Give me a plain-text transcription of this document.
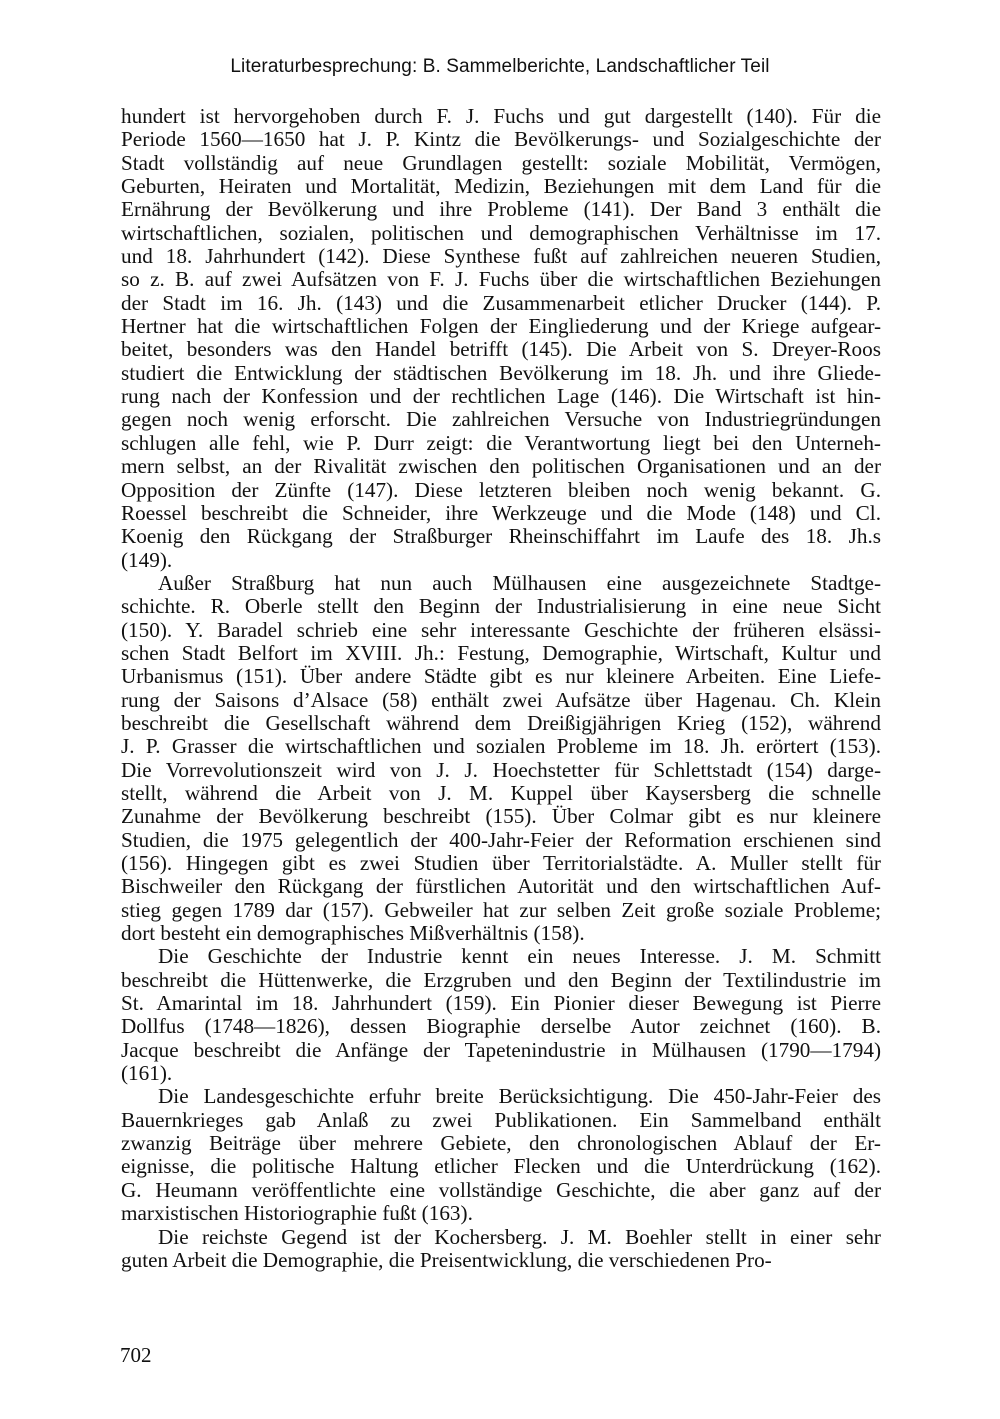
Literaturbesprechung: B. Sammelberichte, Landschaftlicher Teil
hundert ist hervorgehoben durch F. J. Fuchs und gut dargestellt (140). Für die
Periode 1560—1650 hat J. P. Kintz die Bevölkerungs- und Sozialgeschichte der
Stadt vollständig auf neue Grundlagen gestellt: soziale Mobilität, Vermögen,
Geburten, Heiraten und Mortalität, Medizin, Beziehungen mit dem Land für die
Ernährung der Bevölkerung und ihre Probleme (141). Der Band 3 enthält die
wirtschaftlichen, sozialen, politischen und demographischen Verhältnisse im 17.
und 18. Jahrhundert (142). Diese Synthese fußt auf zahlreichen neueren Studien,
so z. B. auf zwei Aufsätzen von F. J. Fuchs über die wirtschaftlichen Beziehungen
der Stadt im 16. Jh. (143) und die Zusammenarbeit etlicher Drucker (144). P.
Hertner hat die wirtschaftlichen Folgen der Eingliederung und der Kriege aufgear-
beitet, besonders was den Handel betrifft (145). Die Arbeit von S. Dreyer-Roos
studiert die Entwicklung der städtischen Bevölkerung im 18. Jh. und ihre Gliede-
rung nach der Konfession und der rechtlichen Lage (146). Die Wirtschaft ist hin-
gegen noch wenig erforscht. Die zahlreichen Versuche von Industriegründungen
schlugen alle fehl, wie P. Durr zeigt: die Verantwortung liegt bei den Unterneh-
mern selbst, an der Rivalität zwischen den politischen Organisationen und an der
Opposition der Zünfte (147). Diese letzteren bleiben noch wenig bekannt. G.
Roessel beschreibt die Schneider, ihre Werkzeuge und die Mode (148) und Cl.
Koenig den Rückgang der Straßburger Rheinschiffahrt im Laufe des 18. Jh.s
(149).
Außer Straßburg hat nun auch Mülhausen eine ausgezeichnete Stadtge-
schichte. R. Oberle stellt den Beginn der Industrialisierung in eine neue Sicht
(150). Y. Baradel schrieb eine sehr interessante Geschichte der früheren elsässi-
schen Stadt Belfort im XVIII. Jh.: Festung, Demographie, Wirtschaft, Kultur und
Urbanismus (151). Über andere Städte gibt es nur kleinere Arbeiten. Eine Liefe-
rung der Saisons d’Alsace (58) enthält zwei Aufsätze über Hagenau. Ch. Klein
beschreibt die Gesellschaft während dem Dreißigjährigen Krieg (152), während
J. P. Grasser die wirtschaftlichen und sozialen Probleme im 18. Jh. erörtert (153).
Die Vorrevolutionszeit wird von J. J. Hoechstetter für Schlettstadt (154) darge-
stellt, während die Arbeit von J. M. Kuppel über Kaysersberg die schnelle
Zunahme der Bevölkerung beschreibt (155). Über Colmar gibt es nur kleinere
Studien, die 1975 gelegentlich der 400-Jahr-Feier der Reformation erschienen sind
(156). Hingegen gibt es zwei Studien über Territorialstädte. A. Muller stellt für
Bischweiler den Rückgang der fürstlichen Autorität und den wirtschaftlichen Auf-
stieg gegen 1789 dar (157). Gebweiler hat zur selben Zeit große soziale Probleme;
dort besteht ein demographisches Mißverhältnis (158).
Die Geschichte der Industrie kennt ein neues Interesse. J. M. Schmitt
beschreibt die Hüttenwerke, die Erzgruben und den Beginn der Textilindustrie im
St. Amarintal im 18. Jahrhundert (159). Ein Pionier dieser Bewegung ist Pierre
Dollfus (1748—1826), dessen Biographie derselbe Autor zeichnet (160). B.
Jacque beschreibt die Anfänge der Tapetenindustrie in Mülhausen (1790—1794)
(161).
Die Landesgeschichte erfuhr breite Berücksichtigung. Die 450-Jahr-Feier des
Bauernkrieges gab Anlaß zu zwei Publikationen. Ein Sammelband enthält
zwanzig Beiträge über mehrere Gebiete, den chronologischen Ablauf der Er-
eignisse, die politische Haltung etlicher Flecken und die Unterdrückung (162).
G. Heumann veröffentlichte eine vollständige Geschichte, die aber ganz auf der
marxistischen Historiographie fußt (163).
Die reichste Gegend ist der Kochersberg. J. M. Boehler stellt in einer sehr
guten Arbeit die Demographie, die Preisentwicklung, die verschiedenen Pro-
702
